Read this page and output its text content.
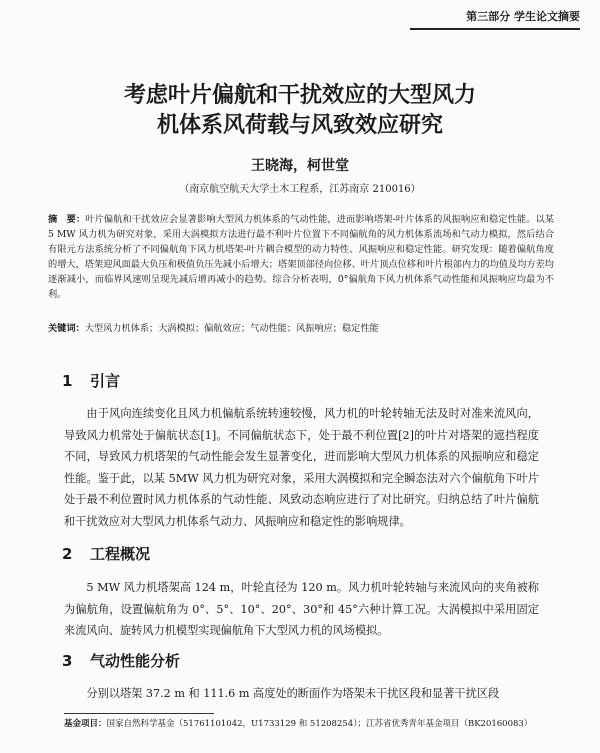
第三部分 学生论文摘要
考虑叶片偏航和干扰效应的大型风力
机体系风荷载与风致效应研究
王晓海，柯世堂
（南京航空航天大学土木工程系，江苏南京 210016）
摘　要：叶片偏航和干扰效应会显著影响大型风力机体系的气动性能，进而影响塔架-叶片体系的风振响应和稳定性能。以某 5 MW 风力机为研究对象，采用大涡模拟方法进行最不利叶片位置下不同偏航角的风力机体系流场和气动力模拟，然后结合有限元方法系统分析了不同偏航角下风力机塔架-叶片耦合模型的动力特性、风振响应和稳定性能。研究发现：随着偏航角度的增大，塔架迎风面最大负压和极值负压先减小后增大；塔架顶部径向位移、叶片顶点位移和叶片根部内力的均值及均方差均逐渐减小，而临界风速则呈现先减后增再减小的趋势。综合分析表明，0°偏航角下风力机体系气动性能和风振响应均最为不利。
关键词：大型风力机体系；大涡模拟；偏航效应；气动性能；风振响应；稳定性能
1 引言
由于风向连续变化且风力机偏航系统转速较慢，风力机的叶轮转轴无法及时对准来流风向，导致风力机常处于偏航状态[1]。不同偏航状态下，处于最不利位置[2]的叶片对塔架的遮挡程度不同，导致风力机塔架的气动性能会发生显著变化，进而影响大型风力机体系的风振响应和稳定性能。鉴于此，以某 5MW 风力机为研究对象，采用大涡模拟和完全瞬态法对六个偏航角下叶片处于最不利位置时风力机体系的气动性能、风致动态响应进行了对比研究。归纳总结了叶片偏航和干扰效应对大型风力机体系气动力、风振响应和稳定性的影响规律。
2 工程概况
5 MW 风力机塔架高 124 m，叶轮直径为 120 m。风力机叶轮转轴与来流风向的夹角被称为偏航角，设置偏航角为 0°、5°、10°、20°、30°和 45°六种计算工况。大涡模拟中采用固定来流风向、旋转风力机模型实现偏航角下大型风力机的风场模拟。
3 气动性能分析
分别以塔架 37.2 m 和 111.6 m 高度处的断面作为塔架未干扰区段和显著干扰区段
基金项目：国家自然科学基金（51761101042，U1733129 和 51208254）；江苏省优秀青年基金项目（BK20160083）
